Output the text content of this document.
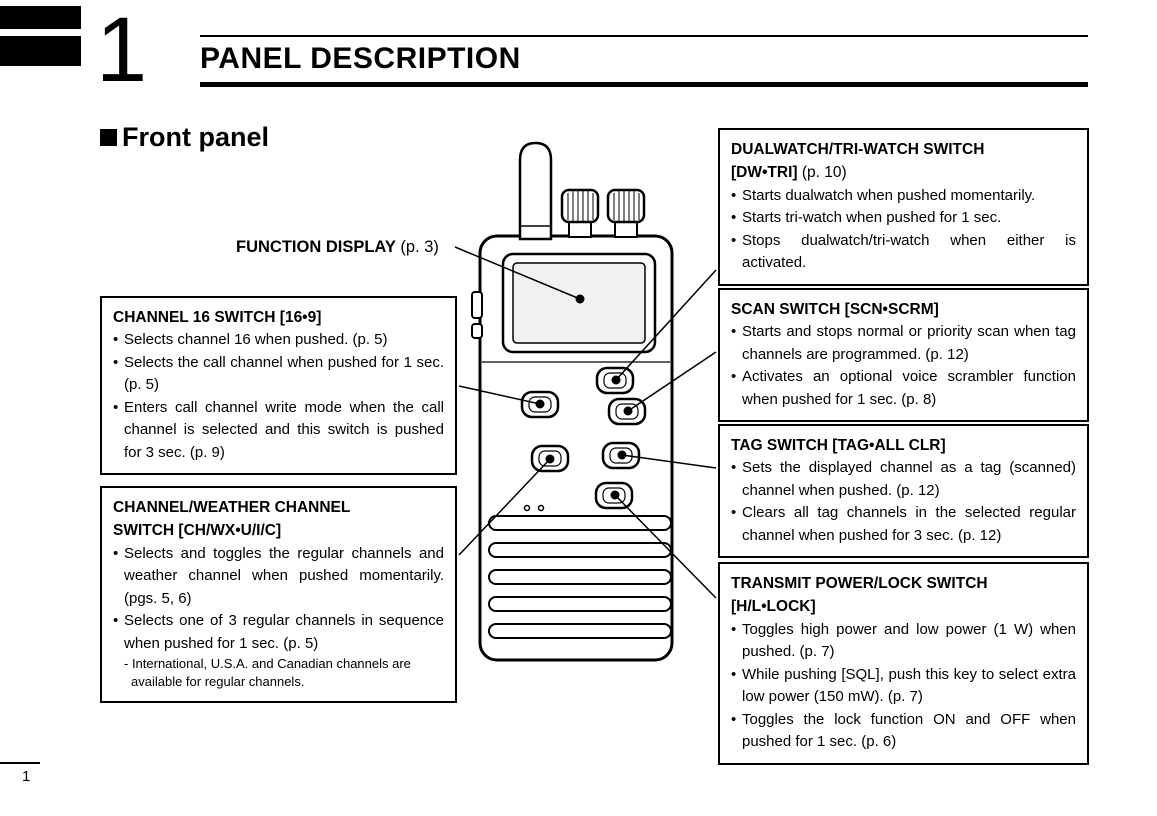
1 PANEL DESCRIPTION
Front panel
FUNCTION DISPLAY (p. 3)
CHANNEL 16 SWITCH [16•9]
• Selects channel 16 when pushed. (p. 5)
• Selects the call channel when pushed for 1 sec. (p. 5)
• Enters call channel write mode when the call channel is selected and this switch is pushed for 3 sec. (p. 9)
CHANNEL/WEATHER CHANNEL
SWITCH [CH/WX•U/I/C]
• Selects and toggles the regular channels and weather channel when pushed momentarily. (pgs. 5, 6)
• Selects one of 3 regular channels in sequence when pushed for 1 sec. (p. 5)
- International, U.S.A. and Canadian channels are available for regular channels.
DUALWATCH/TRI-WATCH SWITCH
[DW•TRI] (p. 10)
• Starts dualwatch when pushed momentarily.
• Starts tri-watch when pushed for 1 sec.
• Stops dualwatch/tri-watch when either is activated.
SCAN SWITCH [SCN•SCRM]
• Starts and stops normal or priority scan when tag channels are programmed. (p. 12)
• Activates an optional voice scrambler function when pushed for 1 sec. (p. 8)
TAG SWITCH [TAG•ALL CLR]
• Sets the displayed channel as a tag (scanned) channel when pushed. (p. 12)
• Clears all tag channels in the selected regular channel when pushed for 3 sec. (p. 12)
TRANSMIT POWER/LOCK SWITCH
[H/L•LOCK]
• Toggles high power and low power (1 W) when pushed. (p. 7)
• While pushing [SQL], push this key to select extra low power (150 mW). (p. 7)
• Toggles the lock function ON and OFF when pushed for 1 sec. (p. 6)
1
